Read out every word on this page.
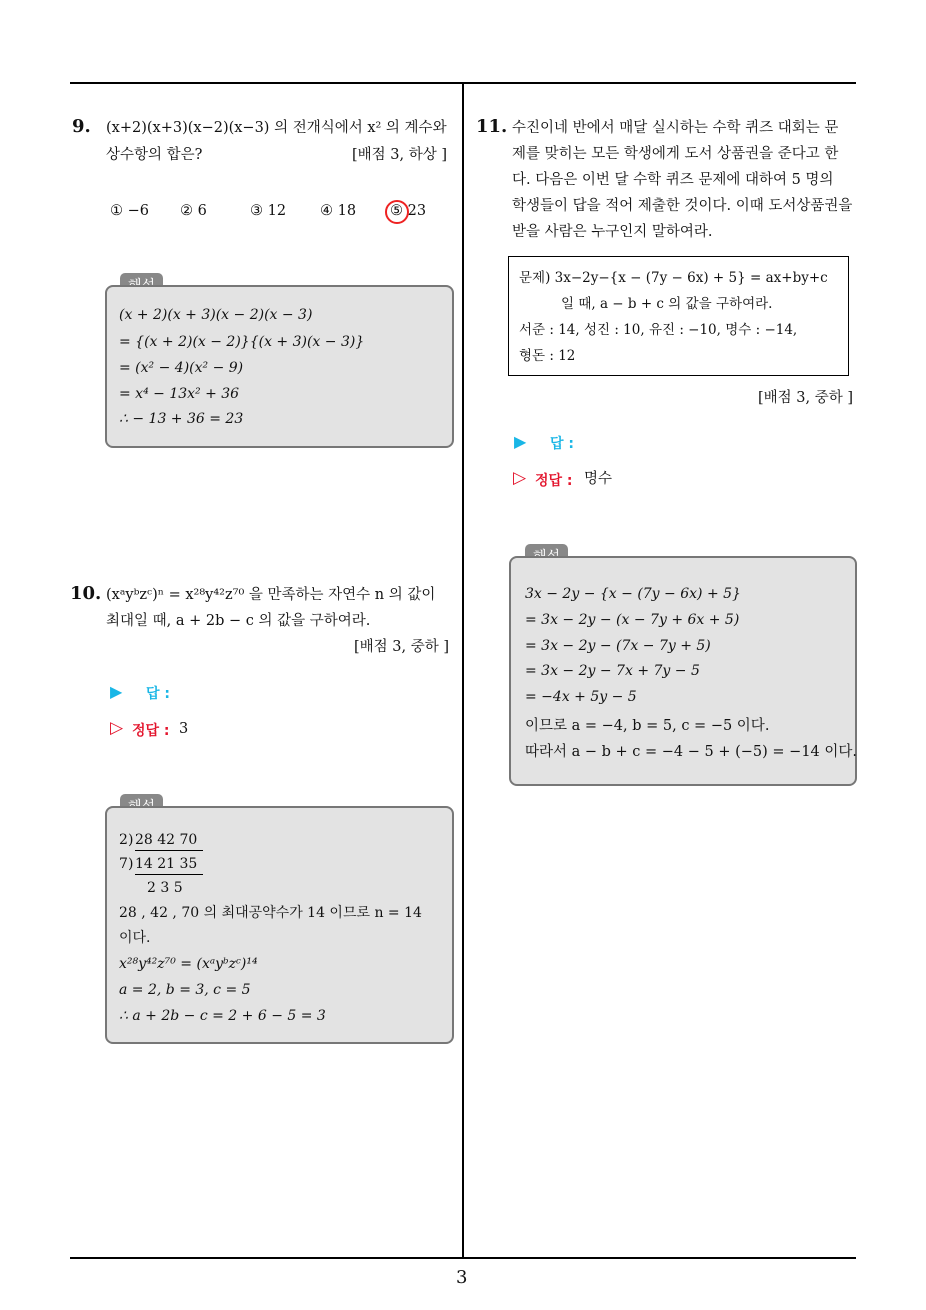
9. (x+2)(x+3)(x−2)(x−3) 의 전개식에서 x² 의 계수와
상수항의 합은?	[배점 3, 하상 ]
① −6 ② 6	③ 12 ④ 18 ⑤ 23
(x + 2)(x + 3)(x − 2)(x − 3)
= {(x + 2)(x − 2)}{(x + 3)(x − 3)}
= (x² − 4)(x² − 9)
= x⁴ − 13x² + 36
∴ − 13 + 36 = 23
10. (xᵃyᵇzᶜ)ⁿ = x²⁸y⁴²z⁷⁰ 을 만족하는 자연수 n 의 값이
최대일 때, a + 2b − c 의 값을 구하여라.
[배점 3, 중하 ]
▶ 답 :
▷ 정답 : 3
2 ) 28 42 70
7 ) 14 21 35
2 3 5
28 , 42 , 70 의 최대공약수가 14 이므로 n = 14
이다.
x²⁸y⁴²z⁷⁰ = (xᵃyᵇzᶜ)¹⁴
a = 2, b = 3, c = 5
∴ a + 2b − c = 2 + 6 − 5 = 3
11. 수진이네 반에서 매달 실시하는 수학 퀴즈 대회는 문
제를 맞히는 모든 학생에게 도서 상품권을 준다고 한
다. 다음은 이번 달 수학 퀴즈 문제에 대하여 5 명의
학생들이 답을 적어 제출한 것이다. 이때 도서상품권을
받을 사람은 누구인지 말하여라.
문제) 3x−2y−{x − (7y − 6x) + 5} = ax+by+c
일 때, a − b + c 의 값을 구하여라.
서준 : 14, 성진 : 10, 유진 : −10, 명수 : −14,
형돈 : 12
[배점 3, 중하 ]
▶ 답 :
▷ 정답 : 명수
3x − 2y − {x − (7y − 6x) + 5}
= 3x − 2y − (x − 7y + 6x + 5)
= 3x − 2y − (7x − 7y + 5)
= 3x − 2y − 7x + 7y − 5
= −4x + 5y − 5
이므로 a = −4, b = 5, c = −5 이다.
따라서 a − b + c = −4 − 5 + (−5) = −14 이다.
3
